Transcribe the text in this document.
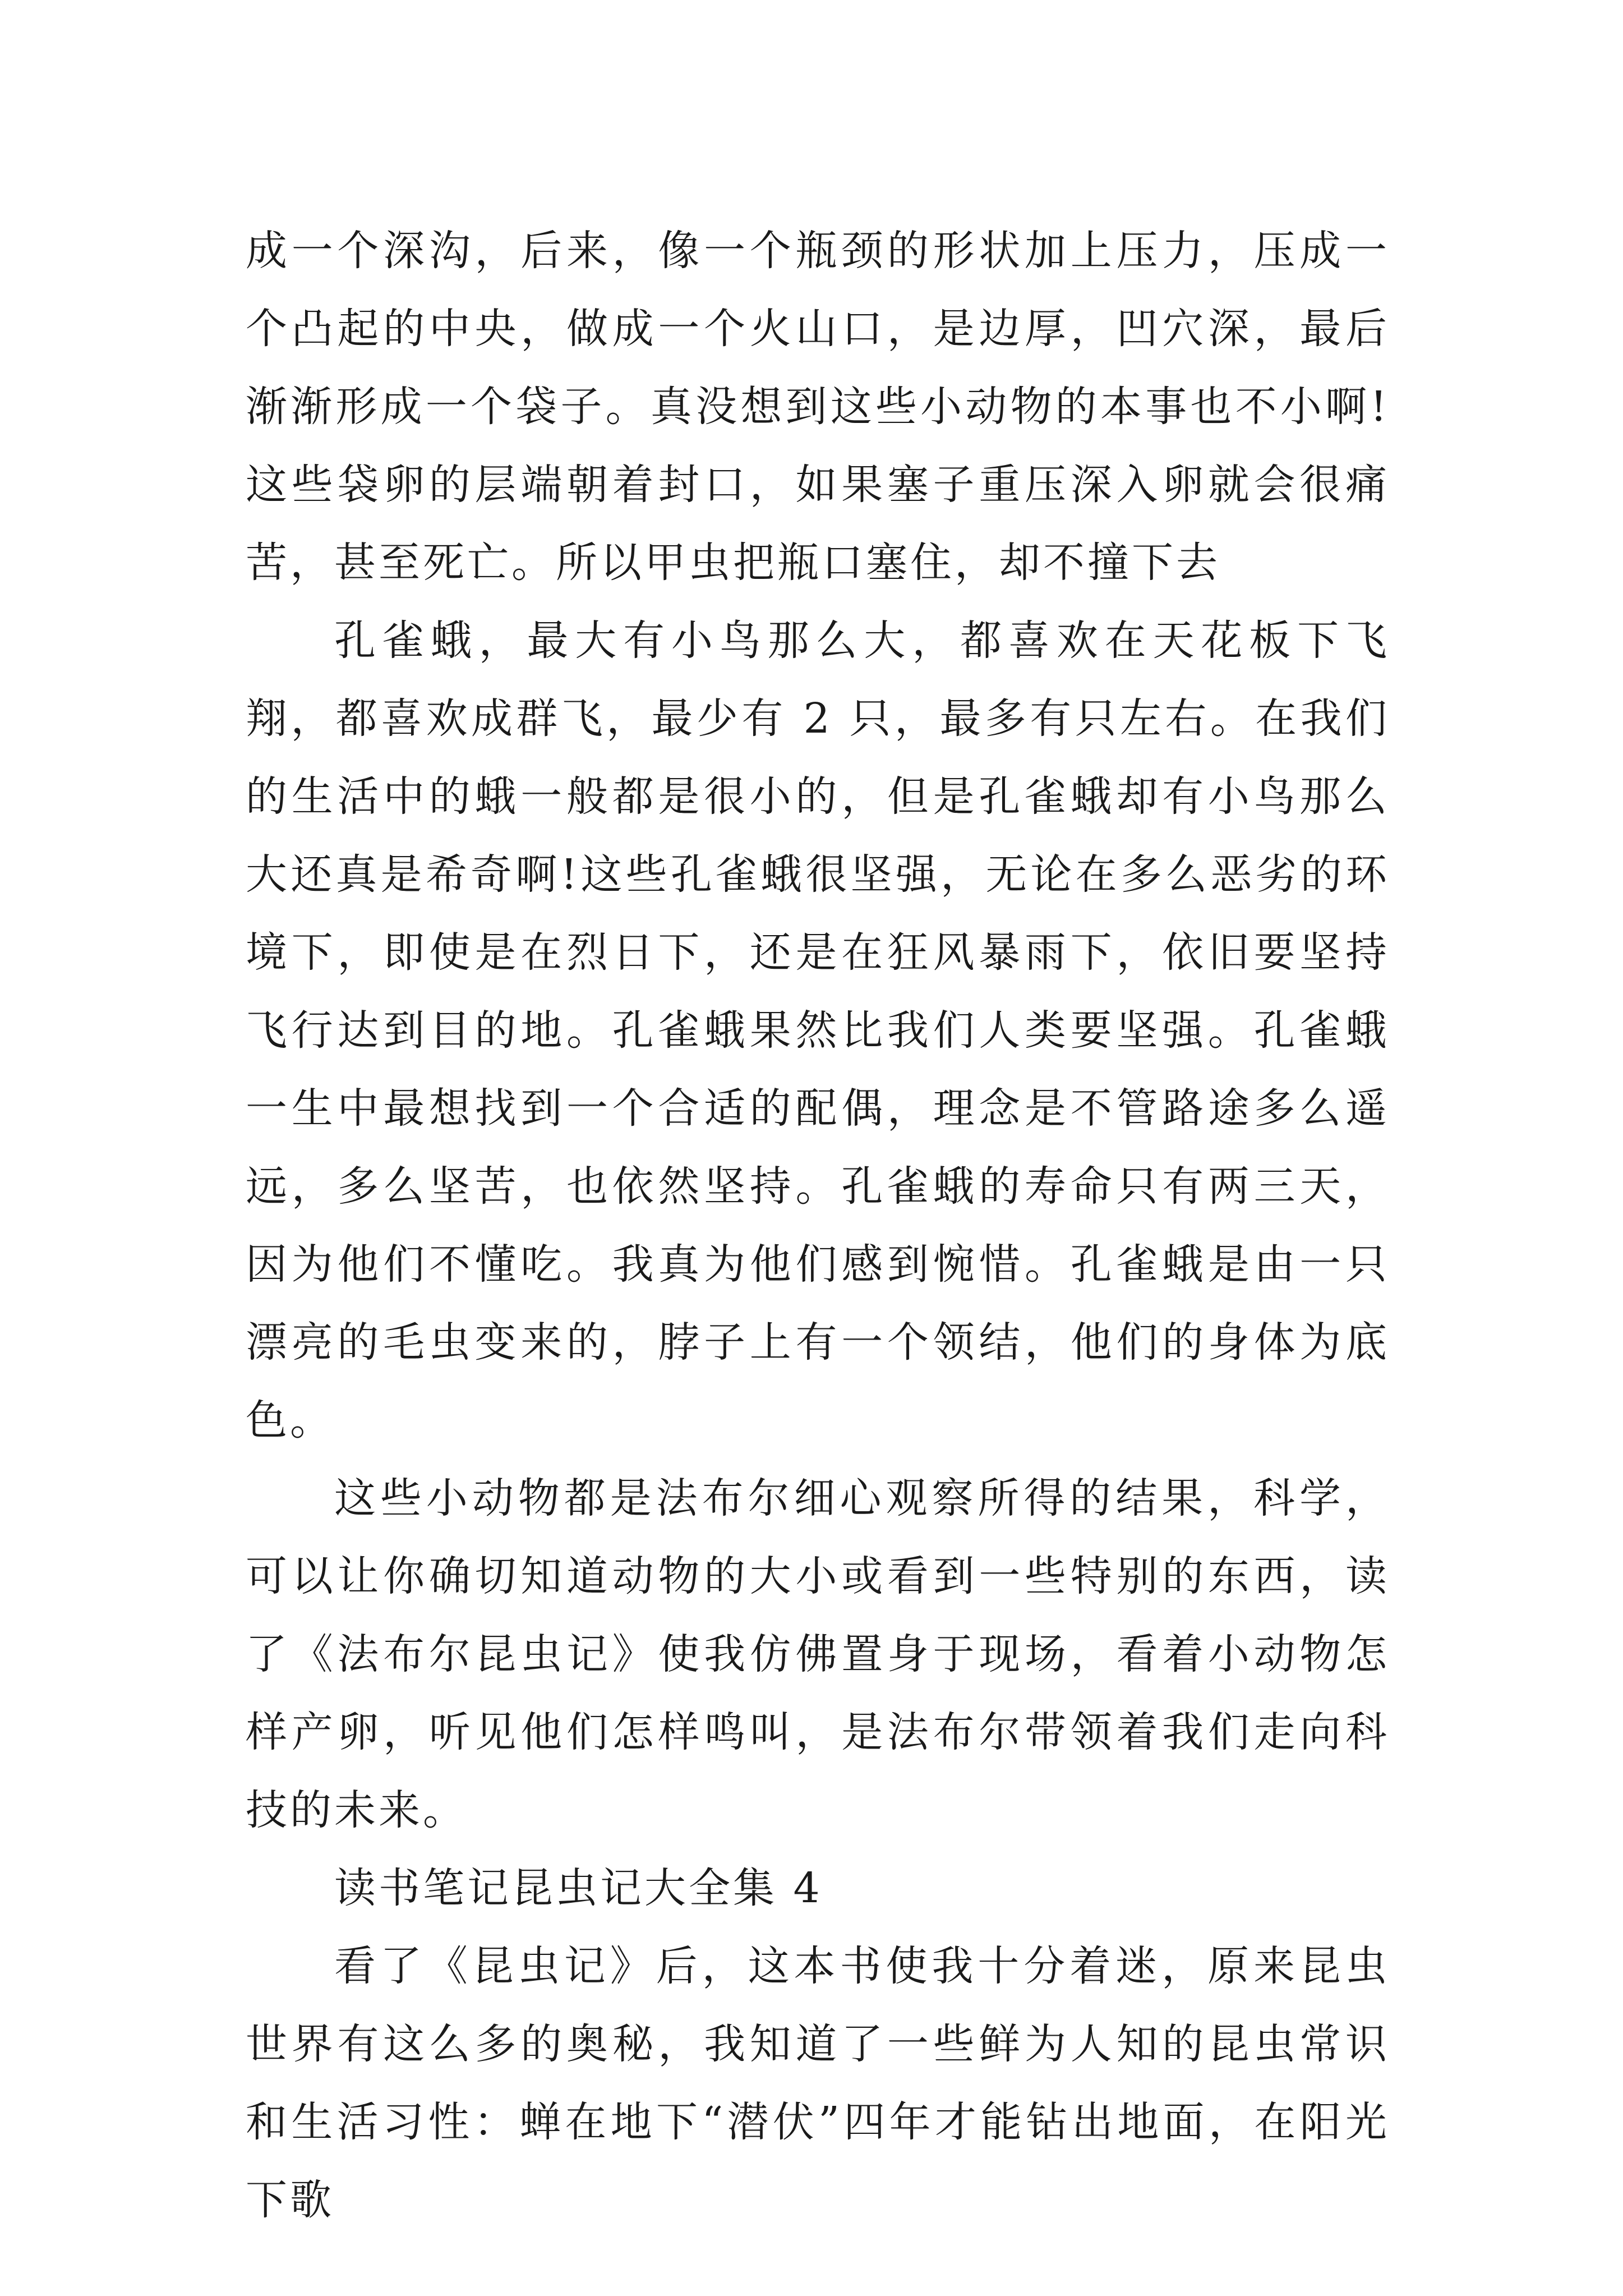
成一个深沟，后来，像一个瓶颈的形状加上压力，压成一个凸起的中央，做成一个火山口，是边厚，凹穴深，最后渐渐形成一个袋子。真没想到这些小动物的本事也不小啊!这些袋卵的层端朝着封口，如果塞子重压深入卵就会很痛苦，甚至死亡。所以甲虫把瓶口塞住，却不撞下去

孔雀蛾，最大有小鸟那么大，都喜欢在天花板下飞翔，都喜欢成群飞，最少有 2 只，最多有只左右。在我们的生活中的蛾一般都是很小的，但是孔雀蛾却有小鸟那么大还真是希奇啊!这些孔雀蛾很坚强，无论在多么恶劣的环境下，即使是在烈日下，还是在狂风暴雨下，依旧要坚持飞行达到目的地。孔雀蛾果然比我们人类要坚强。孔雀蛾一生中最想找到一个合适的配偶，理念是不管路途多么遥远，多么坚苦，也依然坚持。孔雀蛾的寿命只有两三天，因为他们不懂吃。我真为他们感到惋惜。孔雀蛾是由一只漂亮的毛虫变来的，脖子上有一个领结，他们的身体为底色。

这些小动物都是法布尔细心观察所得的结果，科学，可以让你确切知道动物的大小或看到一些特别的东西，读了《法布尔昆虫记》使我仿佛置身于现场，看着小动物怎样产卵，听见他们怎样鸣叫，是法布尔带领着我们走向科技的未来。

读书笔记昆虫记大全集 4

看了《昆虫记》后，这本书使我十分着迷，原来昆虫世界有这么多的奥秘，我知道了一些鲜为人知的昆虫常识和生活习性：蝉在地下“潜伏”四年才能钻出地面，在阳光下歌
